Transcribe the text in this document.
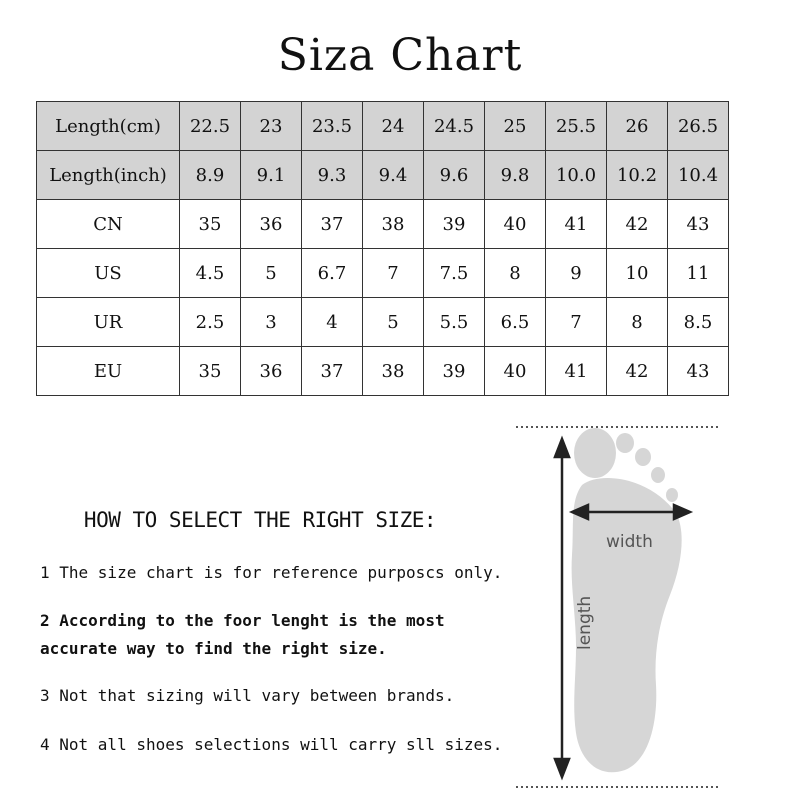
Siza Chart
Length(cm)	22.5	23	23.5	24	24.5	25	25.5	26	26.5
Length(inch)	8.9	9.1	9.3	9.4	9.6	9.8	10.0	10.2	10.4
CN	35	36	37	38	39	40	41	42	43
US	4.5	5	6.7	7	7.5	8	9	10	11
UR	2.5	3	4	5	5.5	6.5	7	8	8.5
EU	35	36	37	38	39	40	41	42	43
HOW TO SELECT THE RIGHT SIZE:
1 The size chart is for reference purposcs only.
2 According to the foor lenght is the most
accurate way to find the right size.
3 Not that sizing will vary between brands.
4 Not all shoes selections will carry sll sizes.
width
length
